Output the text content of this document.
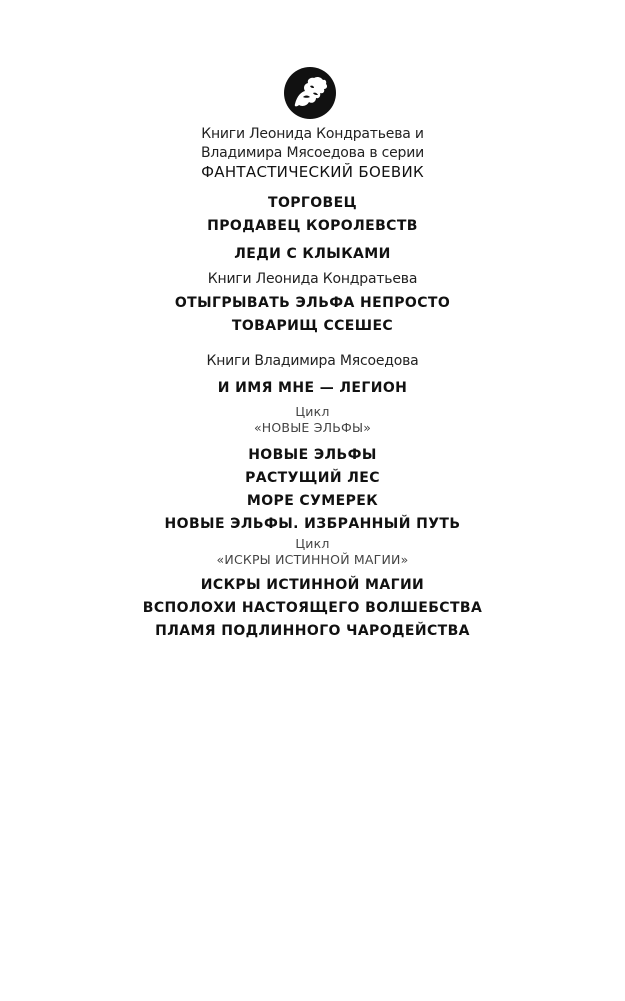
Книги Леонида Кондратьева и
Владимира Мясоедова в серии
ФАНТАСТИЧЕСКИЙ БОЕВИК
ТОРГОВЕЦ
ПРОДАВЕЦ КОРОЛЕВСТВ
ЛЕДИ С КЛЫКАМИ
Книги Леонида Кондратьева
ОТЫГРЫВАТЬ ЭЛЬФА НЕПРОСТО
ТОВАРИЩ ССЕШЕС
Книги Владимира Мясоедова
И ИМЯ МНЕ — ЛЕГИОН
Цикл
«НОВЫЕ ЭЛЬФЫ»
НОВЫЕ ЭЛЬФЫ
РАСТУЩИЙ ЛЕС
МОРЕ СУМЕРЕК
НОВЫЕ ЭЛЬФЫ. ИЗБРАННЫЙ ПУТЬ
Цикл
«ИСКРЫ ИСТИННОЙ МАГИИ»
ИСКРЫ ИСТИННОЙ МАГИИ
ВСПОЛОХИ НАСТОЯЩЕГО ВОЛШЕБСТВА
ПЛАМЯ ПОДЛИННОГО ЧАРОДЕЙСТВА
